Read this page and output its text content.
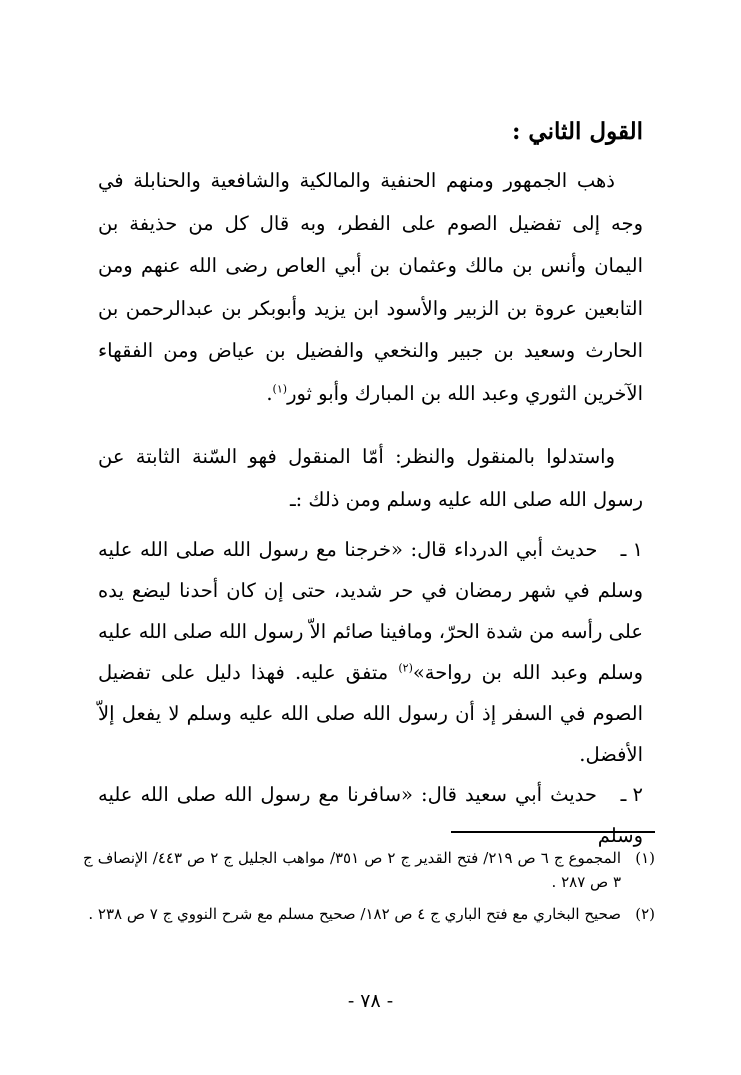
القول الثاني :

ذهب الجمهور ومنهم الحنفية والمالكية والشافعية والحنابلة في وجه إلى تفضيل الصوم على الفطر، وبه قال كل من حذيفة بن اليمان وأنس بن مالك وعثمان بن أبي العاص رضى الله عنهم ومن التابعين عروة بن الزبير والأسود ابن يزيد وأبوبكر بن عبدالرحمن بن الحارث وسعيد بن جبير والنخعي والفضيل بن عياض ومن الفقهاء الآخرين الثوري وعبد الله بن المبارك وأبو ثور$^{(١)}$.

واستدلوا بالمنقول والنظر: أمّا المنقول فهو السّنة الثابتة عن رسول الله صلى الله عليه وسلم ومن ذلك :ـ

١ ـ حديث أبي الدرداء قال: «خرجنا مع رسول الله صلى الله عليه وسلم في شهر رمضان في حر شديد، حتى إن كان أحدنا ليضع يده على رأسه من شدة الحرّ، ومافينا صائم الاّ رسول الله صلى الله عليه وسلم وعبد الله بن رواحة»$^{(٢)}$ متفق عليه. فهذا دليل على تفضيل الصوم في السفر إذ أن رسول الله صلى الله عليه وسلم لا يفعل إلاّ الأفضل.

٢ ـ حديث أبي سعيد قال: «سافرنا مع رسول الله صلى الله عليه وسلم

(١)المجموع ج ٦ ص ٢١٩/ فتح القدير ج ٢ ص ٣٥١/ مواهب الجليل ج ٢ ص ٤٤٣/ الإنصاف ج ٣ ص ٢٨٧ .

(٢)صحيح البخاري مع فتح الباري ج ٤ ص ١٨٢/ صحيح مسلم مع شرح النووي ج ٧ ص ٢٣٨ .

- ٧٨ -
